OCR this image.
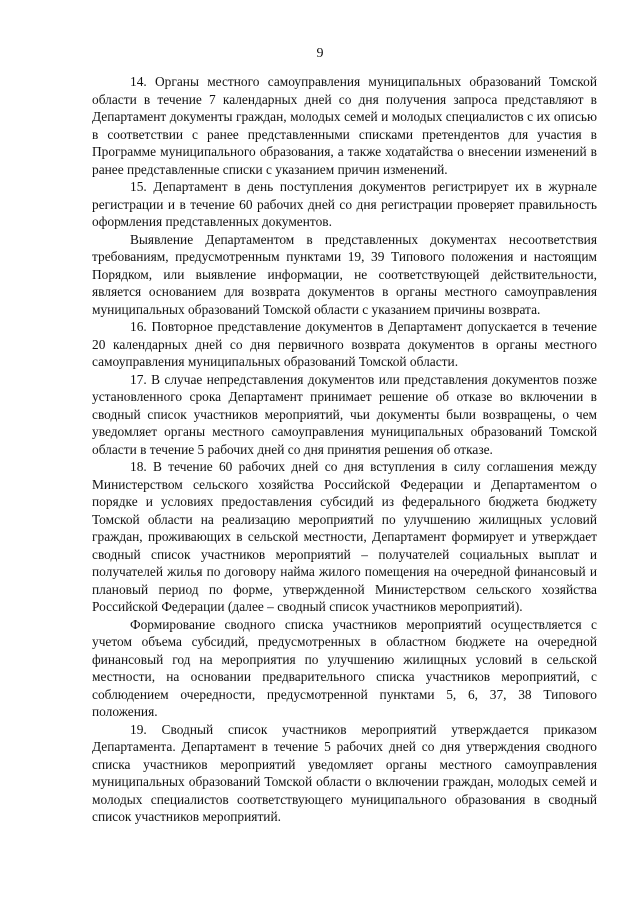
9

14. Органы местного самоуправления муниципальных образований Томской области в течение 7 календарных дней со дня получения запроса представляют в Департамент документы граждан, молодых семей и молодых специалистов с их описью в соответствии с ранее представленными списками претендентов для участия в Программе муниципального образования, а также ходатайства о внесении изменений в ранее представленные списки с указанием причин изменений.

15. Департамент в день поступления документов регистрирует их в журнале регистрации и в течение 60 рабочих дней со дня регистрации проверяет правильность оформления представленных документов.

Выявление Департаментом в представленных документах несоответствия требованиям, предусмотренным пунктами 19, 39 Типового положения и настоящим Порядком, или выявление информации, не соответствующей действительности, является основанием для возврата документов в органы местного самоуправления муниципальных образований Томской области с указанием причины возврата.

16. Повторное представление документов в Департамент допускается в течение 20 календарных дней со дня первичного возврата документов в органы местного самоуправления муниципальных образований Томской области.

17. В случае непредставления документов или представления документов позже установленного срока Департамент принимает решение об отказе во включении в сводный список участников мероприятий, чьи документы были возвращены, о чем уведомляет органы местного самоуправления муниципальных образований Томской области в течение 5 рабочих дней со дня принятия решения об отказе.

18. В течение 60 рабочих дней со дня вступления в силу соглашения между Министерством сельского хозяйства Российской Федерации и Департаментом о порядке и условиях предоставления субсидий из федерального бюджета бюджету Томской области на реализацию мероприятий по улучшению жилищных условий граждан, проживающих в сельской местности, Департамент формирует и утверждает сводный список участников мероприятий – получателей социальных выплат и получателей жилья по договору найма жилого помещения на очередной финансовый и плановый период по форме, утвержденной Министерством сельского хозяйства Российской Федерации (далее – сводный список участников мероприятий).

Формирование сводного списка участников мероприятий осуществляется с учетом объема субсидий, предусмотренных в областном бюджете на очередной финансовый год на мероприятия по улучшению жилищных условий в сельской местности, на основании предварительного списка участников мероприятий, с соблюдением очередности, предусмотренной пунктами 5, 6, 37, 38 Типового положения.

19. Сводный список участников мероприятий утверждается приказом Департамента. Департамент в течение 5 рабочих дней со дня утверждения сводного списка участников мероприятий уведомляет органы местного самоуправления муниципальных образований Томской области о включении граждан, молодых семей и молодых специалистов соответствующего муниципального образования в сводный список участников мероприятий.
